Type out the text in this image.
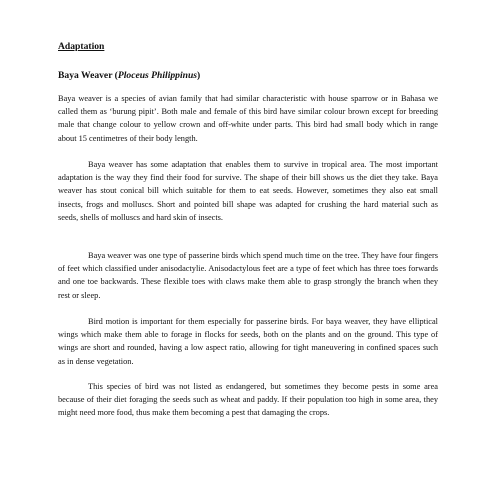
Adaptation
Baya Weaver (Ploceus Philippinus)

Baya weaver is a species of avian family that had similar characteristic with house sparrow or in Bahasa we called them as ‘burung pipit’. Both male and female of this bird have similar colour brown except for breeding male that change colour to yellow crown and off-white under parts. This bird had small body which in range about 15 centimetres of their body length.

Baya weaver has some adaptation that enables them to survive in tropical area. The most important adaptation is the way they find their food for survive. The shape of their bill shows us the diet they take. Baya weaver has stout conical bill which suitable for them to eat seeds. However, sometimes they also eat small insects, frogs and molluscs. Short and pointed bill shape was adapted for crushing the hard material such as seeds, shells of molluscs and hard skin of insects.

Baya weaver was one type of passerine birds which spend much time on the tree. They have four fingers of feet which classified under anisodactylie. Anisodactylous feet are a type of feet which has three toes forwards and one toe backwards. These flexible toes with claws make them able to grasp strongly the branch when they rest or sleep.

Bird motion is important for them especially for passerine birds. For baya weaver, they have elliptical wings which make them able to forage in flocks for seeds, both on the plants and on the ground. This type of wings are short and rounded, having a low aspect ratio, allowing for tight maneuvering in confined spaces such as in dense vegetation.

This species of bird was not listed as endangered, but sometimes they become pests in some area because of their diet foraging the seeds such as wheat and paddy. If their population too high in some area, they might need more food, thus make them becoming a pest that damaging the crops.
